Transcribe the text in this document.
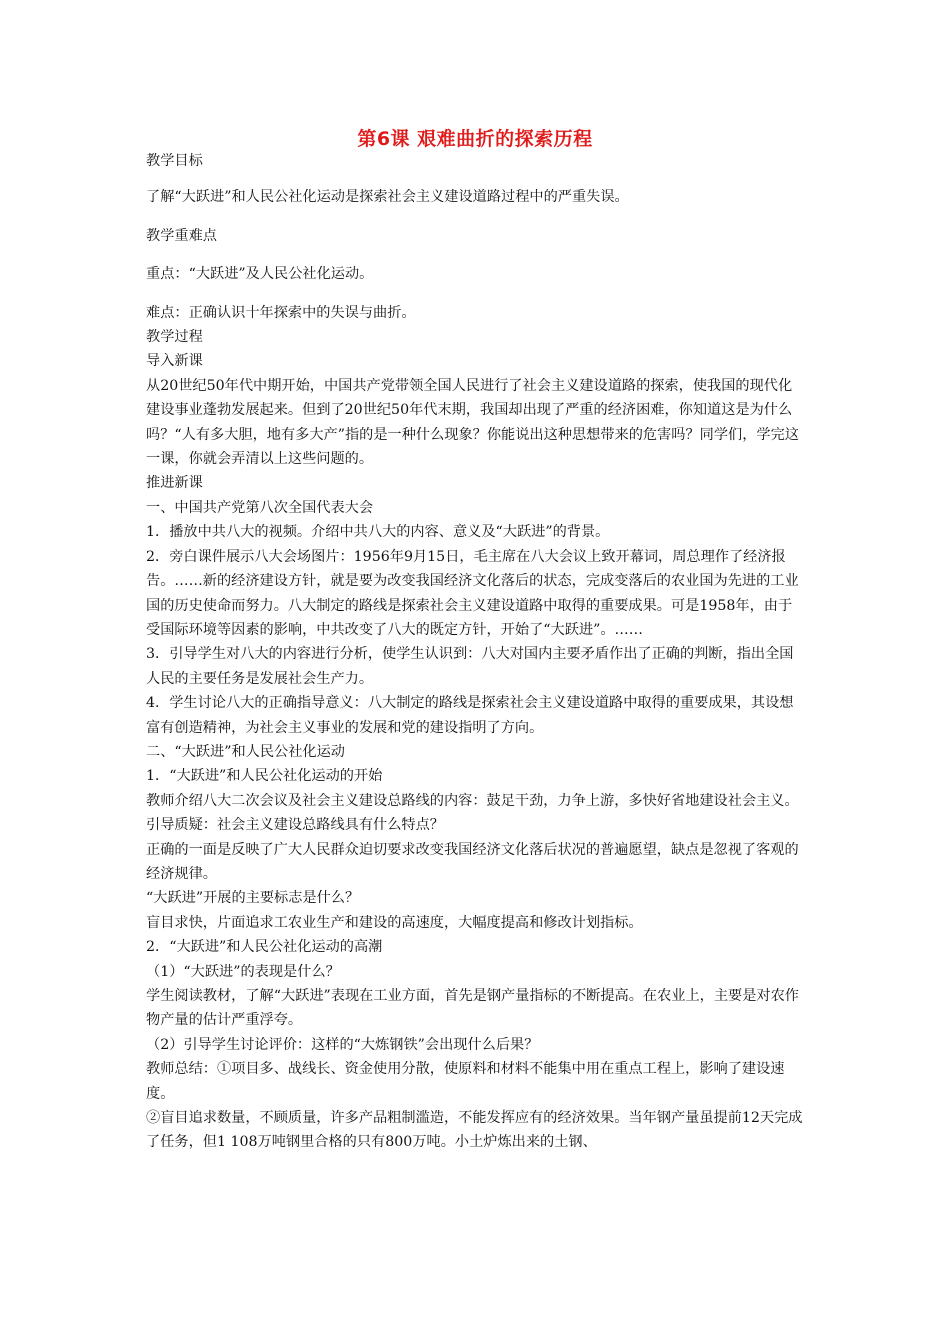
第6课 艰难曲折的探索历程

教学目标

了解“大跃进”和人民公社化运动是探索社会主义建设道路过程中的严重失误。

教学重难点

重点：“大跃进”及人民公社化运动。

难点：正确认识十年探索中的失误与曲折。

教学过程

导入新课

从20世纪50年代中期开始，中国共产党带领全国人民进行了社会主义建设道路的探索，使我国的现代化建设事业蓬勃发展起来。但到了20世纪50年代末期，我国却出现了严重的经济困难，你知道这是为什么吗？“人有多大胆，地有多大产”指的是一种什么现象？你能说出这种思想带来的危害吗？同学们，学完这一课，你就会弄清以上这些问题的。

推进新课

一、中国共产党第八次全国代表大会

1．播放中共八大的视频。介绍中共八大的内容、意义及“大跃进”的背景。

2．旁白课件展示八大会场图片：1956年9月15日，毛主席在八大会议上致开幕词，周总理作了经济报告。……新的经济建设方针，就是要为改变我国经济文化落后的状态，完成变落后的农业国为先进的工业国的历史使命而努力。八大制定的路线是探索社会主义建设道路中取得的重要成果。可是1958年，由于受国际环境等因素的影响，中共改变了八大的既定方针，开始了“大跃进”。……

3．引导学生对八大的内容进行分析，使学生认识到：八大对国内主要矛盾作出了正确的判断，指出全国人民的主要任务是发展社会生产力。

4．学生讨论八大的正确指导意义：八大制定的路线是探索社会主义建设道路中取得的重要成果，其设想富有创造精神，为社会主义事业的发展和党的建设指明了方向。

二、“大跃进”和人民公社化运动

1．“大跃进”和人民公社化运动的开始

教师介绍八大二次会议及社会主义建设总路线的内容：鼓足干劲，力争上游，多快好省地建设社会主义。

引导质疑：社会主义建设总路线具有什么特点？

正确的一面是反映了广大人民群众迫切要求改变我国经济文化落后状况的普遍愿望，缺点是忽视了客观的经济规律。

“大跃进”开展的主要标志是什么？

盲目求快，片面追求工农业生产和建设的高速度，大幅度提高和修改计划指标。

2．“大跃进”和人民公社化运动的高潮

（1）“大跃进”的表现是什么？

学生阅读教材，了解“大跃进”表现在工业方面，首先是钢产量指标的不断提高。在农业上，主要是对农作物产量的估计严重浮夸。

（2）引导学生讨论评价：这样的“大炼钢铁”会出现什么后果？

教师总结：①项目多、战线长、资金使用分散，使原料和材料不能集中用在重点工程上，影响了建设速度。

②盲目追求数量，不顾质量，许多产品粗制滥造，不能发挥应有的经济效果。当年钢产量虽提前12天完成了任务，但1 108万吨钢里合格的只有800万吨。小土炉炼出来的土钢、
